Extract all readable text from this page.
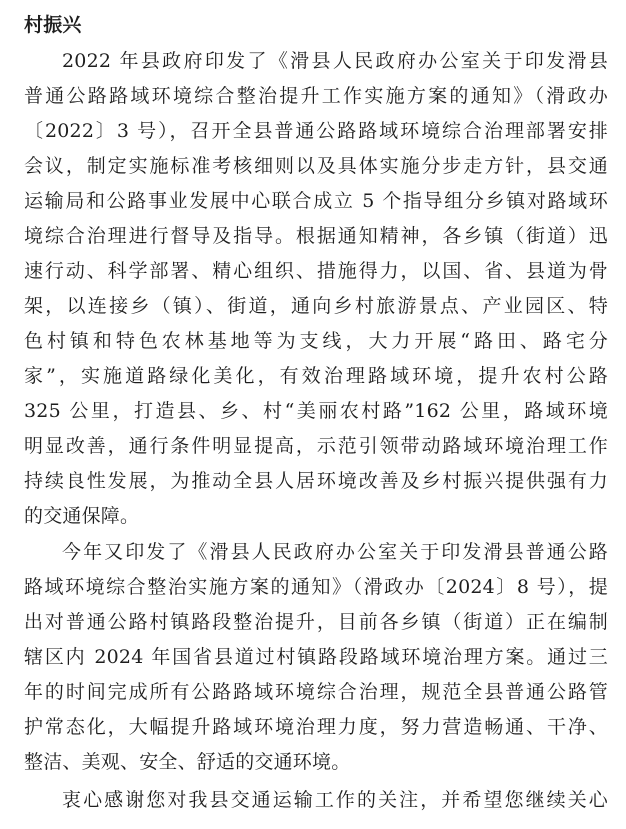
村振兴
2022 年县政府印发了《滑县人民政府办公室关于印发滑县
普通公路路域环境综合整治提升工作实施方案的通知》（滑政办
〔2022〕3 号），召开全县普通公路路域环境综合治理部署安排
会议，制定实施标准考核细则以及具体实施分步走方针，县交通
运输局和公路事业发展中心联合成立 5 个指导组分乡镇对路域环
境综合治理进行督导及指导。根据通知精神，各乡镇（街道）迅
速行动、科学部署、精心组织、措施得力，以国、省、县道为骨
架，以连接乡（镇）、街道，通向乡村旅游景点、产业园区、特
色村镇和特色农林基地等为支线，大力开展“路田、路宅分
家”，实施道路绿化美化，有效治理路域环境，提升农村公路
325 公里，打造县、乡、村“美丽农村路”162 公里，路域环境
明显改善，通行条件明显提高，示范引领带动路域环境治理工作
持续良性发展，为推动全县人居环境改善及乡村振兴提供强有力
的交通保障。
今年又印发了《滑县人民政府办公室关于印发滑县普通公路
路域环境综合整治实施方案的通知》（滑政办〔2024〕8 号），提
出对普通公路村镇路段整治提升，目前各乡镇（街道）正在编制
辖区内 2024 年国省县道过村镇路段路域环境治理方案。通过三
年的时间完成所有公路路域环境综合治理，规范全县普通公路管
护常态化，大幅提升路域环境治理力度，努力营造畅通、干净、
整洁、美观、安全、舒适的交通环境。
衷心感谢您对我县交通运输工作的关注，并希望您继续关心
